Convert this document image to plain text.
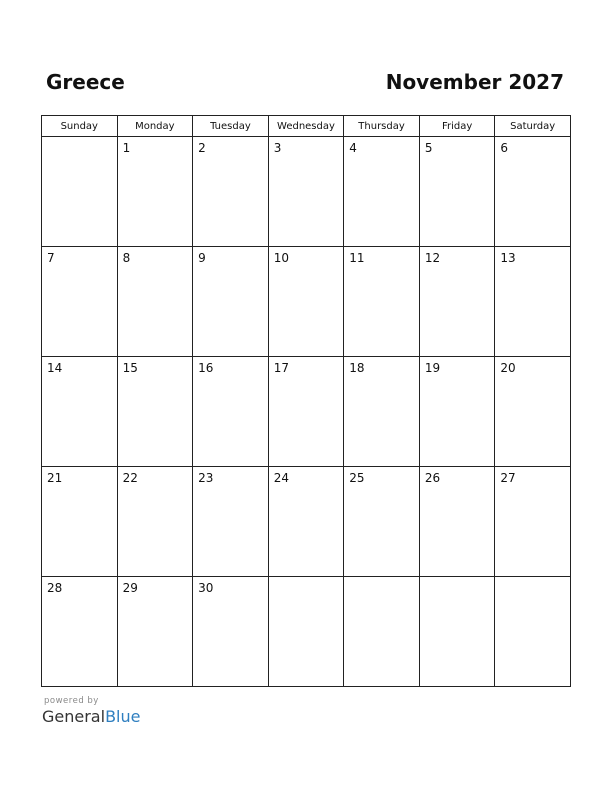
Greece	November 2027
Sunday	Monday	Tuesday	Wednesday	Thursday	Friday	Saturday

	1	2	3	4	5	6

7	8	9	10	11	12	13

14	15	16	17	18	19	20

21	22	23	24	25	26	27

28	29	30				

powered by
GeneralBlue
